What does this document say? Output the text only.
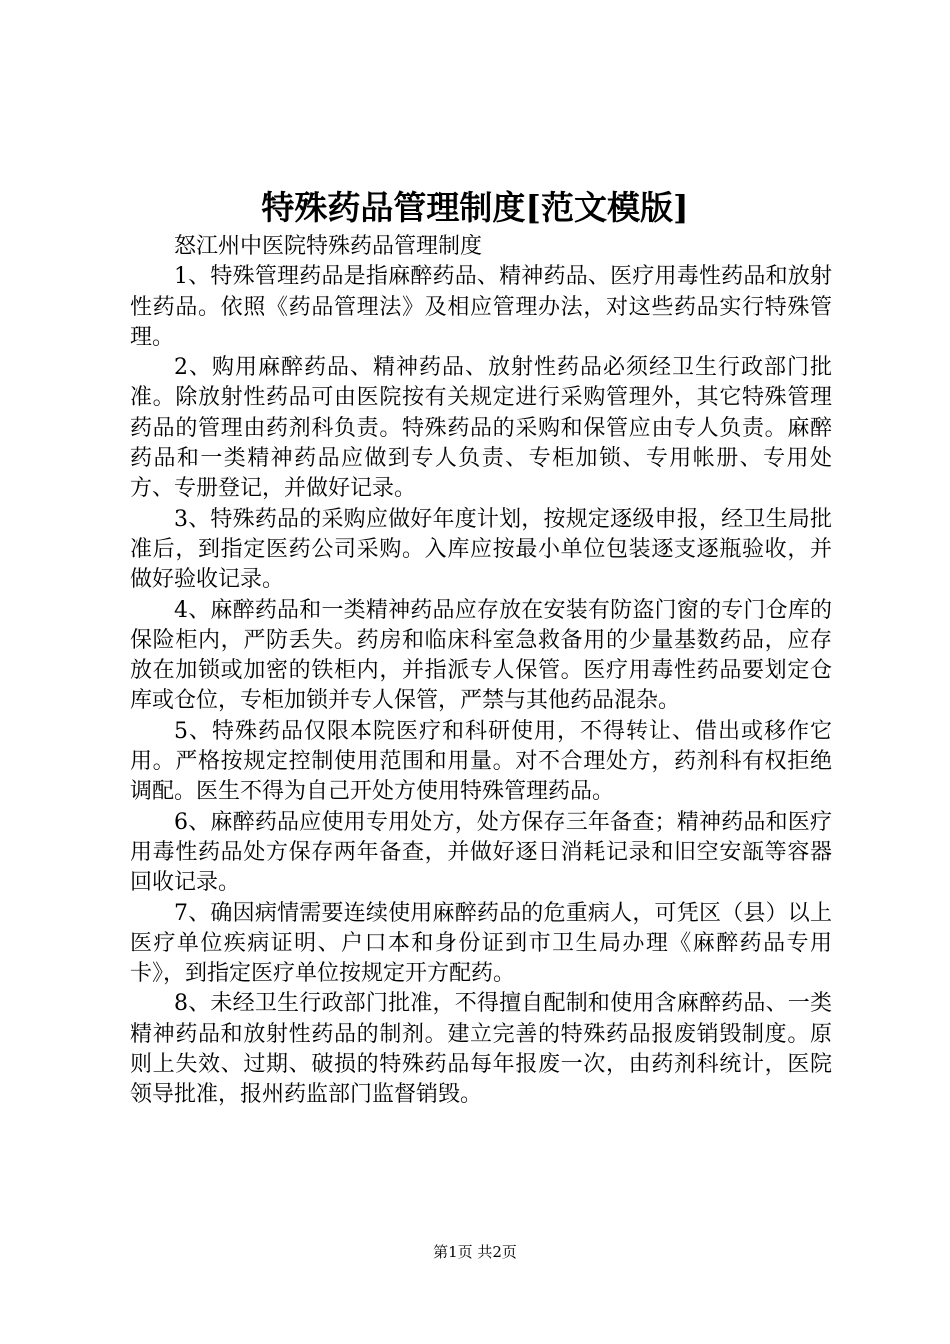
特殊药品管理制度[范文模版]

怒江州中医院特殊药品管理制度

1、特殊管理药品是指麻醉药品、精神药品、医疗用毒性药品和放射性药品。依照《药品管理法》及相应管理办法，对这些药品实行特殊管理。

2、购用麻醉药品、精神药品、放射性药品必须经卫生行政部门批准。除放射性药品可由医院按有关规定进行采购管理外，其它特殊管理药品的管理由药剂科负责。特殊药品的采购和保管应由专人负责。麻醉药品和一类精神药品应做到专人负责、专柜加锁、专用帐册、专用处方、专册登记，并做好记录。

3、特殊药品的采购应做好年度计划，按规定逐级申报，经卫生局批准后，到指定医药公司采购。入库应按最小单位包装逐支逐瓶验收，并做好验收记录。

4、麻醉药品和一类精神药品应存放在安装有防盗门窗的专门仓库的保险柜内，严防丢失。药房和临床科室急救备用的少量基数药品，应存放在加锁或加密的铁柜内，并指派专人保管。医疗用毒性药品要划定仓库或仓位，专柜加锁并专人保管，严禁与其他药品混杂。

5、特殊药品仅限本院医疗和科研使用，不得转让、借出或移作它用。严格按规定控制使用范围和用量。对不合理处方，药剂科有权拒绝调配。医生不得为自己开处方使用特殊管理药品。

6、麻醉药品应使用专用处方，处方保存三年备查；精神药品和医疗用毒性药品处方保存两年备查，并做好逐日消耗记录和旧空安瓿等容器回收记录。

7、确因病情需要连续使用麻醉药品的危重病人，可凭区（县）以上医疗单位疾病证明、户口本和身份证到市卫生局办理《麻醉药品专用卡》，到指定医疗单位按规定开方配药。

8、未经卫生行政部门批准，不得擅自配制和使用含麻醉药品、一类精神药品和放射性药品的制剂。建立完善的特殊药品报废销毁制度。原则上失效、过期、破损的特殊药品每年报废一次，由药剂科统计，医院领导批准，报州药监部门监督销毁。

第1页 共2页
